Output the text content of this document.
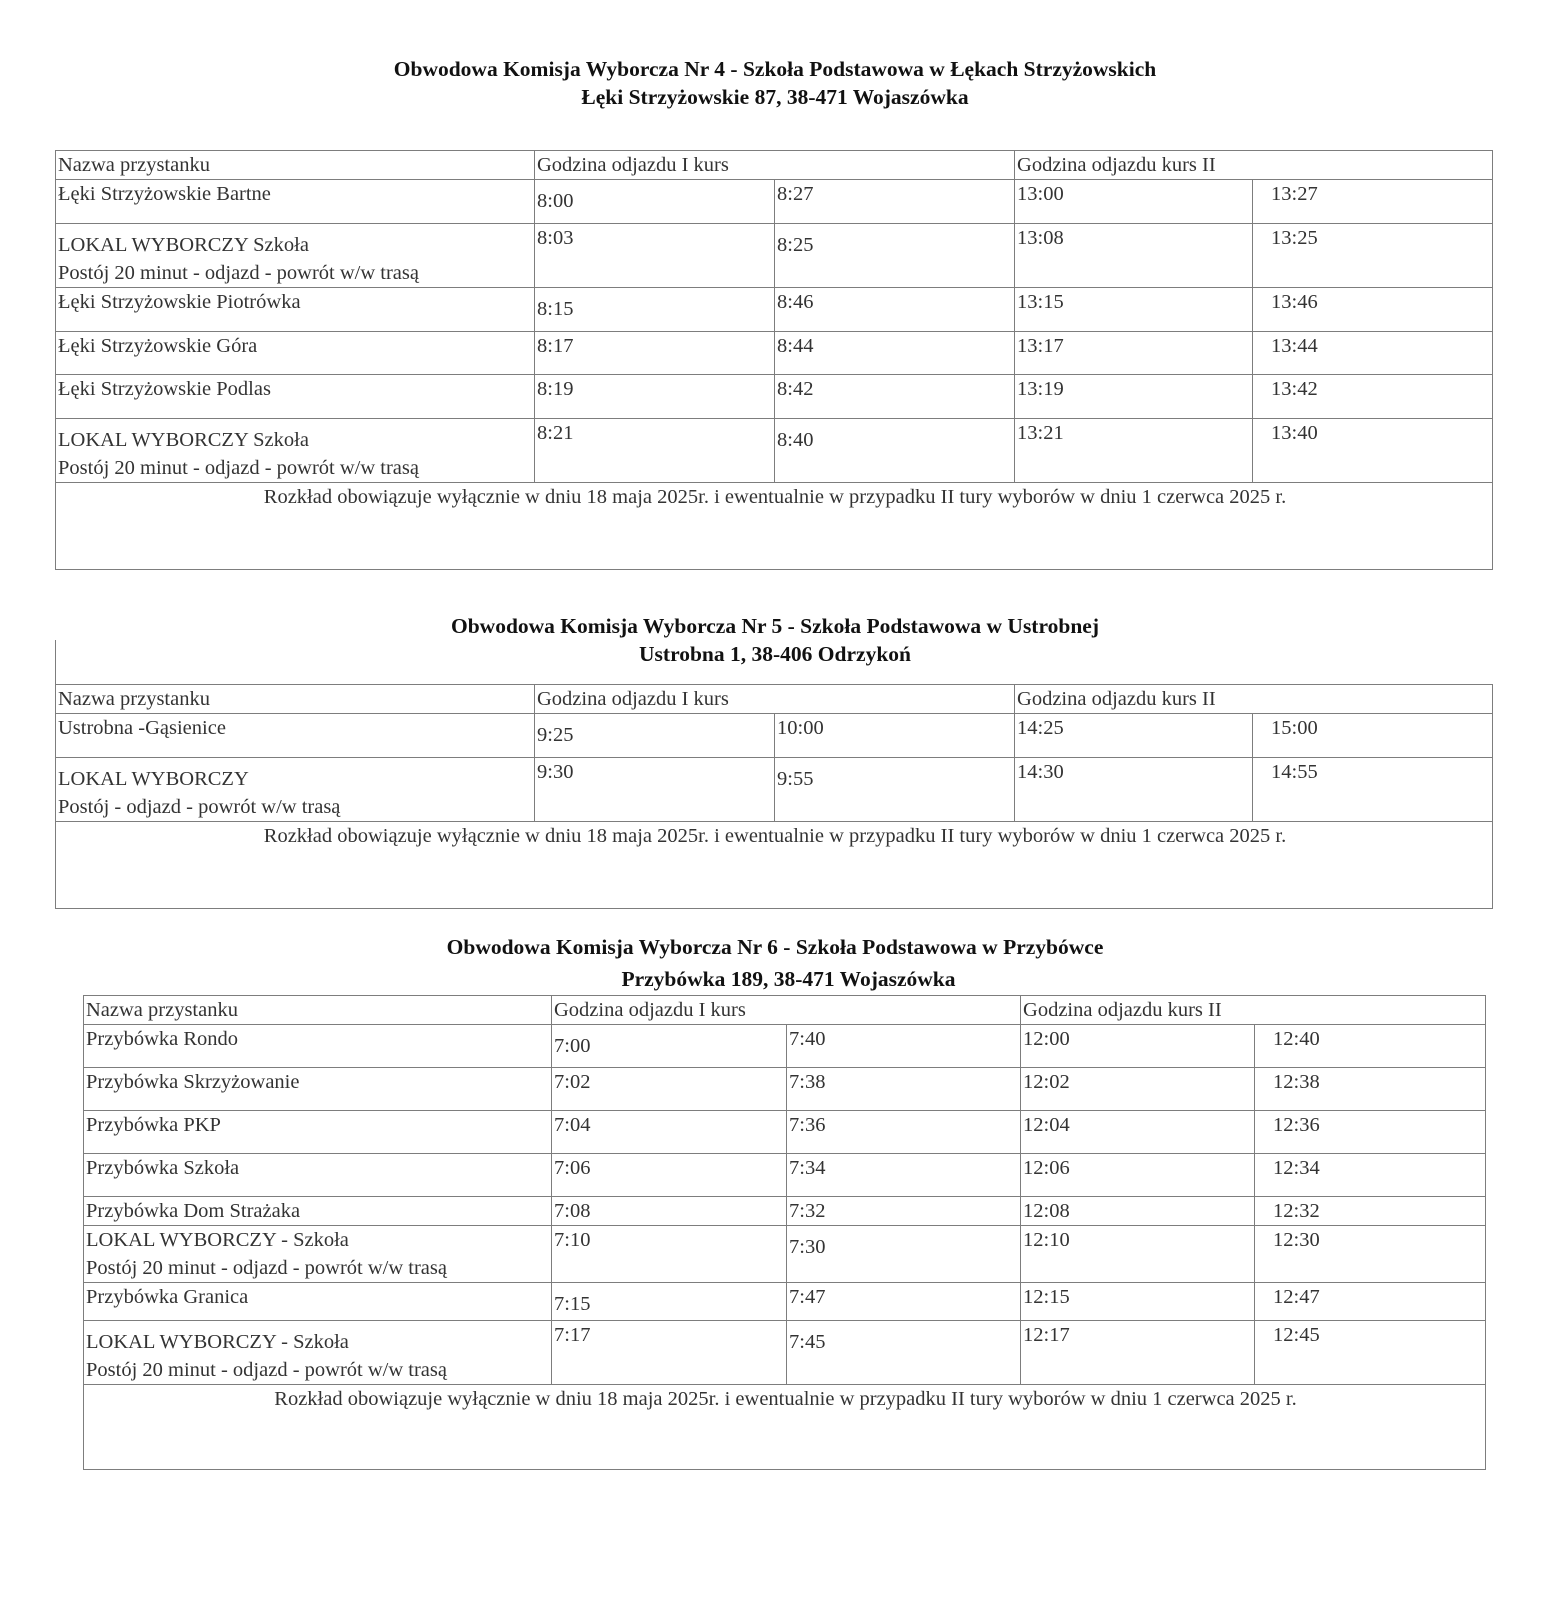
Obwodowa Komisja Wyborcza Nr 4 - Szkoła Podstawowa w Łękach Strzyżowskich
Łęki Strzyżowskie 87, 38-471 Wojaszówka
Nazwa przystanku	Godzina odjazdu I kurs		Godzina odjazdu kurs II	
Łęki Strzyżowskie Bartne	8:00	8:27	13:00	13:27
LOKAL WYBORCZY Szkoła
Postój 20 minut - odjazd - powrót w/w trasą	8:03	8:25	13:08	13:25
Łęki Strzyżowskie Piotrówka	8:15	8:46	13:15	13:46
Łęki Strzyżowskie Góra	8:17	8:44	13:17	13:44
Łęki Strzyżowskie Podlas	8:19	8:42	13:19	13:42
LOKAL WYBORCZY Szkoła
Postój 20 minut - odjazd - powrót w/w trasą	8:21	8:40	13:21	13:40
Rozkład obowiązuje wyłącznie w dniu 18 maja 2025r. i ewentualnie w przypadku II tury wyborów w dniu 1 czerwca 2025 r.				
Obwodowa Komisja Wyborcza Nr 5 - Szkoła Podstawowa w Ustrobnej
Ustrobna 1, 38-406 Odrzykoń
Nazwa przystanku	Godzina odjazdu I kurs		Godzina odjazdu kurs II	
Ustrobna -Gąsienice	9:25	10:00	14:25	15:00
LOKAL WYBORCZY
Postój - odjazd - powrót w/w trasą	9:30	9:55	14:30	14:55
Rozkład obowiązuje wyłącznie w dniu 18 maja 2025r. i ewentualnie w przypadku II tury wyborów w dniu 1 czerwca 2025 r.				
Obwodowa Komisja Wyborcza Nr 6 - Szkoła Podstawowa w Przybówce
Przybówka 189, 38-471 Wojaszówka
Nazwa przystanku	Godzina odjazdu I kurs		Godzina odjazdu kurs II	
Przybówka Rondo	7:00	7:40	12:00	12:40
Przybówka Skrzyżowanie	7:02	7:38	12:02	12:38
Przybówka PKP	7:04	7:36	12:04	12:36
Przybówka Szkoła	7:06	7:34	12:06	12:34
Przybówka Dom Strażaka	7:08	7:32	12:08	12:32

LOKAL WYBORCZY - Szkoła
Postój 20 minut - odjazd - powrót w/w trasą	7:10	7:30	12:10	12:30
Przybówka Granica	7:15	7:47	12:15	12:47
LOKAL WYBORCZY - Szkoła
Postój 20 minut - odjazd - powrót w/w trasą	7:17	7:45	12:17	12:45
Rozkład obowiązuje wyłącznie w dniu 18 maja 2025r. i ewentualnie w przypadku II tury wyborów w dniu 1 czerwca 2025 r.				
